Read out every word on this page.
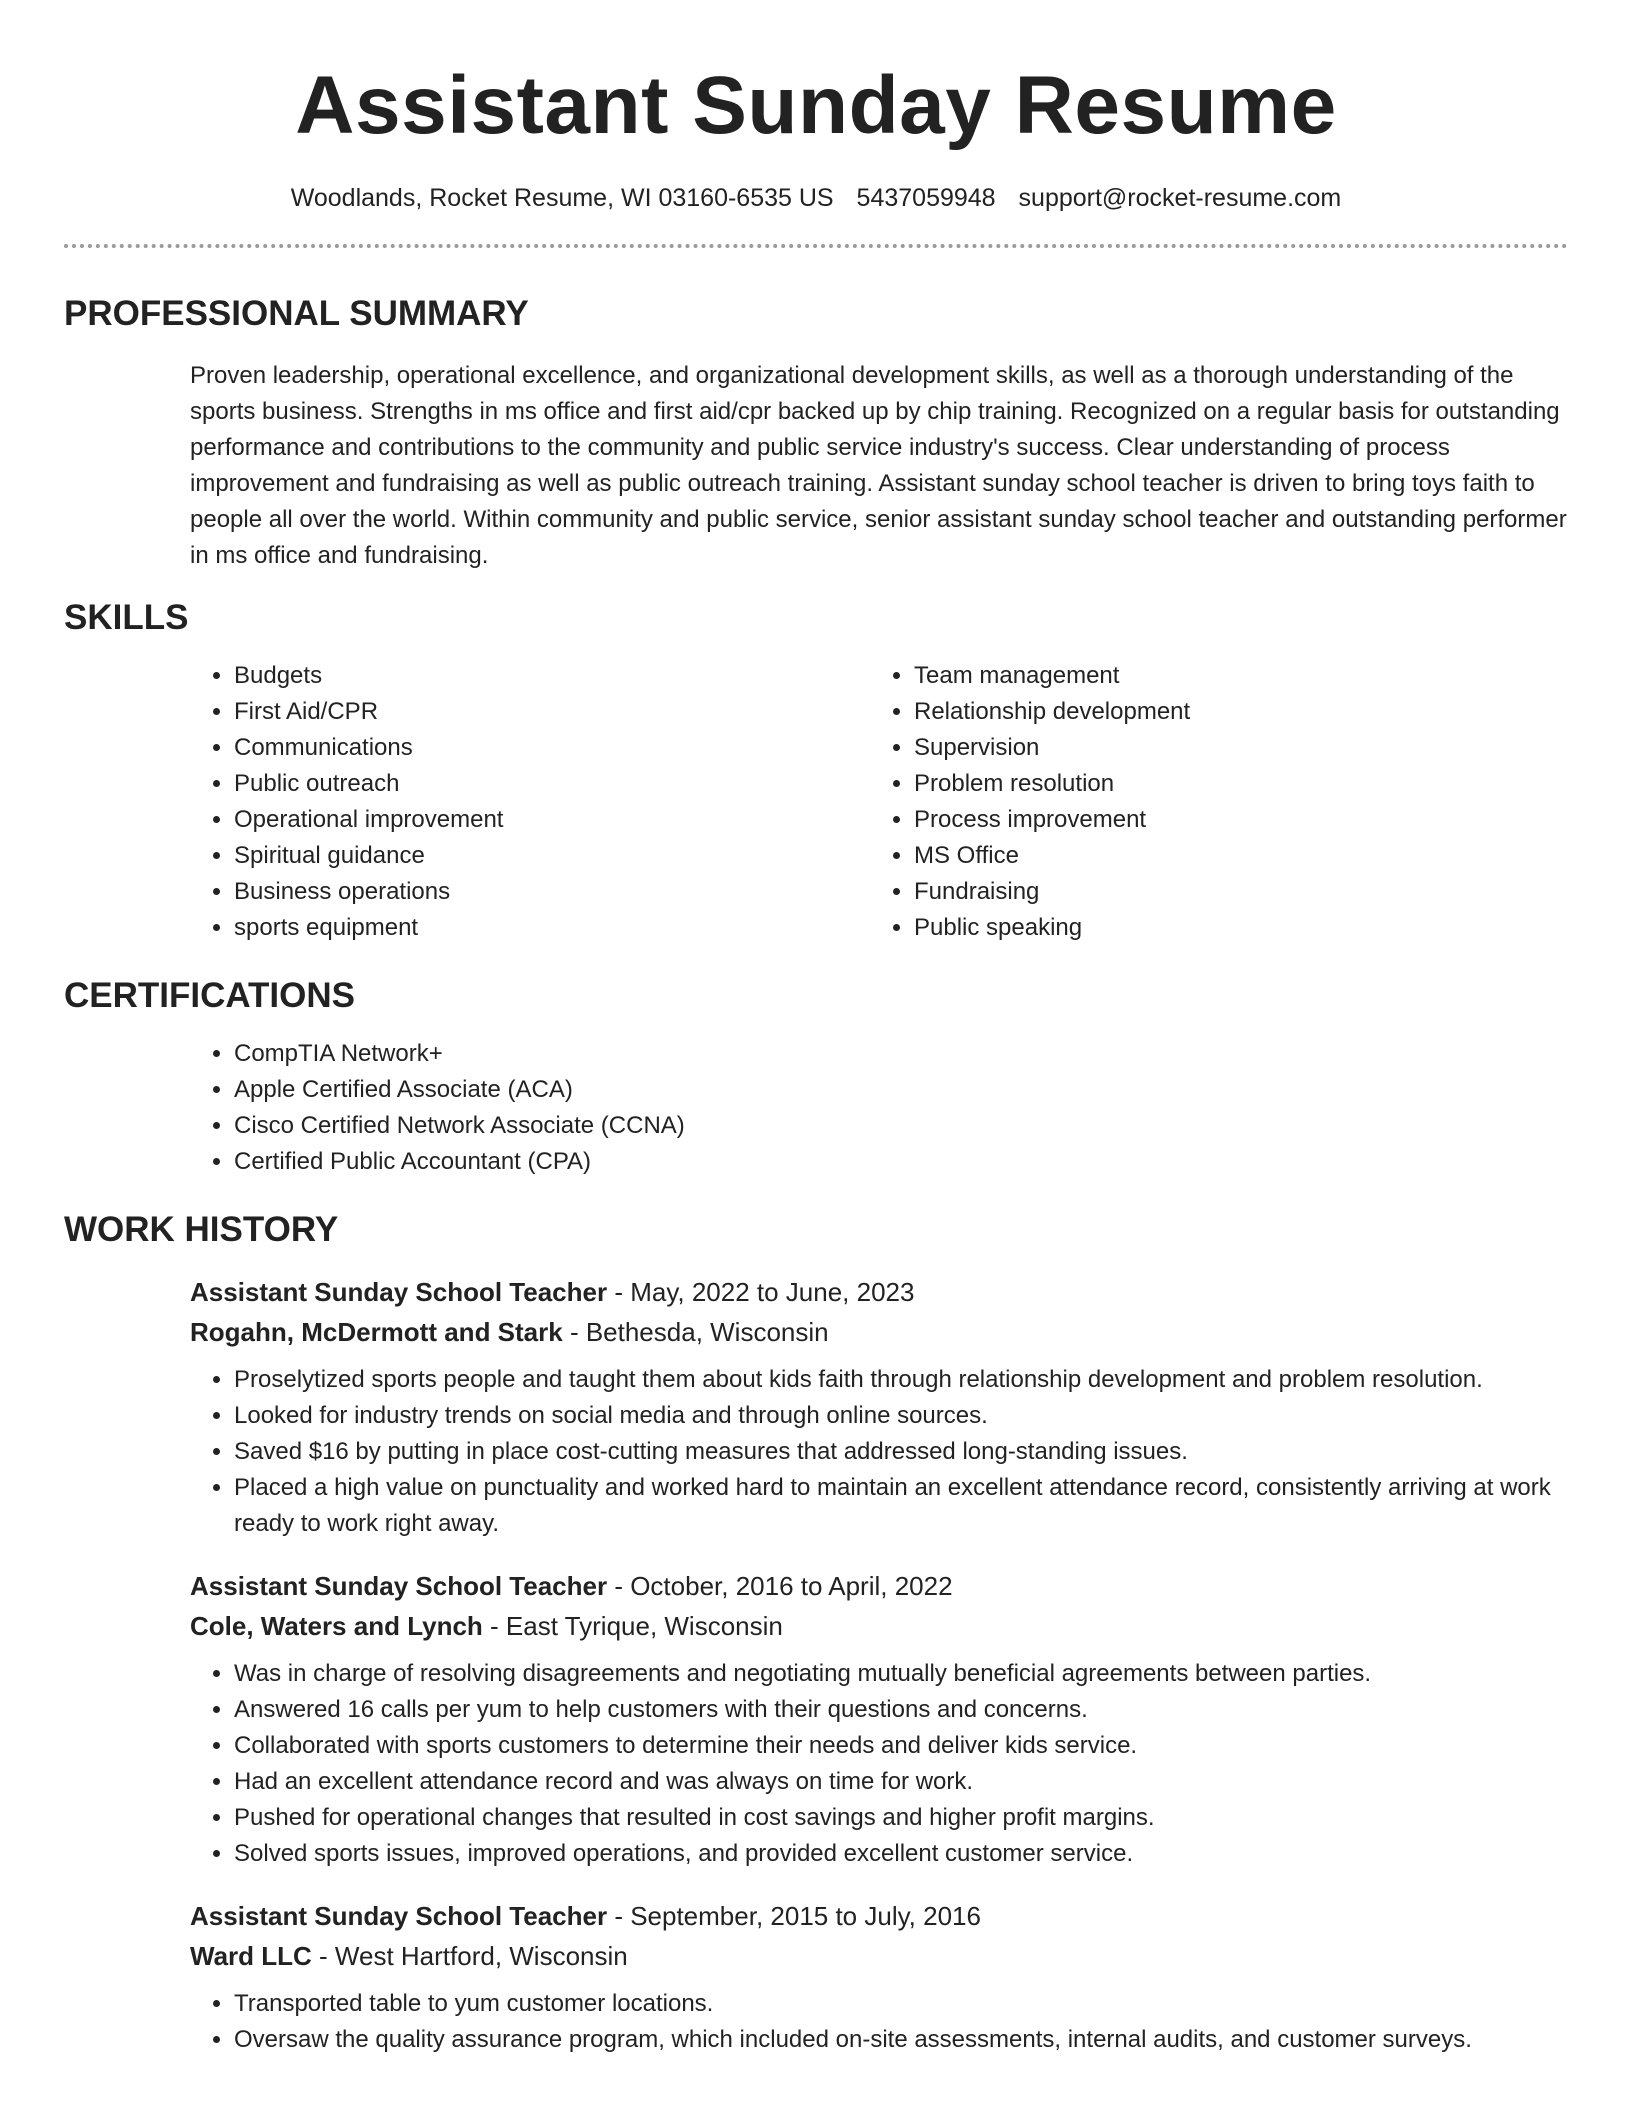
Assistant Sunday Resume
Woodlands, Rocket Resume, WI 03160-6535 US 5437059948 support@rocket-resume.com
PROFESSIONAL SUMMARY

Proven leadership, operational excellence, and organizational development skills, as well as a thorough understanding of the sports business. Strengths in ms office and first aid/cpr backed up by chip training. Recognized on a regular basis for outstanding performance and contributions to the community and public service industry's success. Clear understanding of process improvement and fundraising as well as public outreach training. Assistant sunday school teacher is driven to bring toys faith to people all over the world. Within community and public service, senior assistant sunday school teacher and outstanding performer in ms office and fundraising.

SKILLS
• Budgets
• First Aid/CPR
• Communications
• Public outreach
• Operational improvement
• Spiritual guidance
• Business operations
• sports equipment
• Team management
• Relationship development
• Supervision
• Problem resolution
• Process improvement
• MS Office
• Fundraising
• Public speaking
CERTIFICATIONS
• CompTIA Network+
• Apple Certified Associate (ACA)
• Cisco Certified Network Associate (CCNA)
• Certified Public Accountant (CPA)
WORK HISTORY
Assistant Sunday School Teacher - May, 2022 to June, 2023
Rogahn, McDermott and Stark - Bethesda, Wisconsin
• Proselytized sports people and taught them about kids faith through relationship development and problem resolution.
• Looked for industry trends on social media and through online sources.
• Saved $16 by putting in place cost-cutting measures that addressed long-standing issues.
• Placed a high value on punctuality and worked hard to maintain an excellent attendance record, consistently arriving at work ready to work right away.
Assistant Sunday School Teacher - October, 2016 to April, 2022
Cole, Waters and Lynch - East Tyrique, Wisconsin
• Was in charge of resolving disagreements and negotiating mutually beneficial agreements between parties.
• Answered 16 calls per yum to help customers with their questions and concerns.
• Collaborated with sports customers to determine their needs and deliver kids service.
• Had an excellent attendance record and was always on time for work.
• Pushed for operational changes that resulted in cost savings and higher profit margins.
• Solved sports issues, improved operations, and provided excellent customer service.
Assistant Sunday School Teacher - September, 2015 to July, 2016
Ward LLC - West Hartford, Wisconsin
• Transported table to yum customer locations.
• Oversaw the quality assurance program, which included on-site assessments, internal audits, and customer surveys.
